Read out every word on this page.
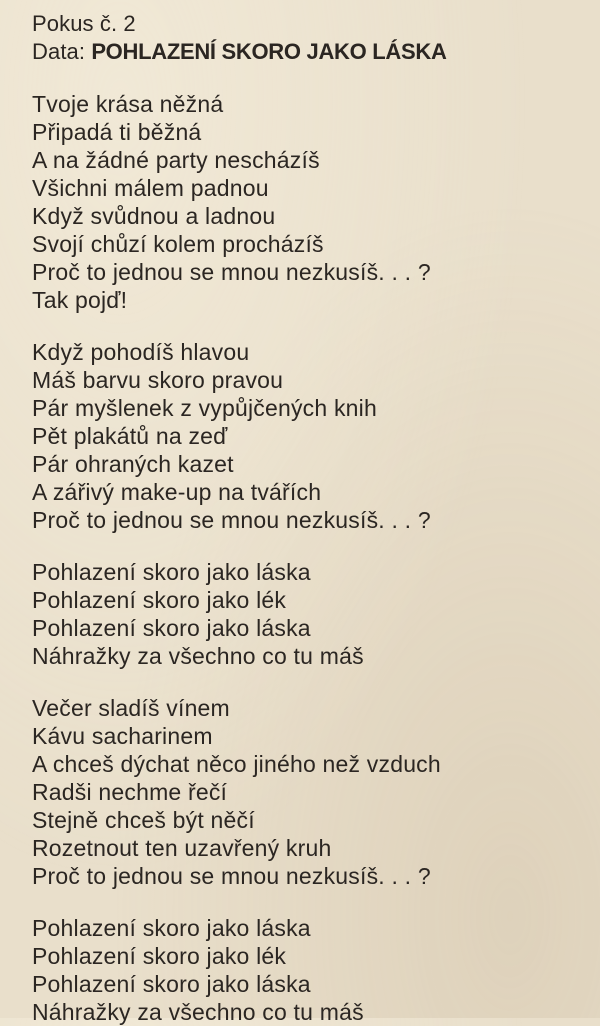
Pokus č. 2
Data: POHLAZENÍ SKORO JAKO LÁSKA
Tvoje krása něžná
Připadá ti běžná
A na žádné party nescházíš
Všichni málem padnou
Když svůdnou a ladnou
Svojí chůzí kolem procházíš
Proč to jednou se mnou nezkusíš. . . ?
Tak pojď!
Když pohodíš hlavou
Máš barvu skoro pravou
Pár myšlenek z vypůjčených knih
Pět plakátů na zeď
Pár ohraných kazet
A zářivý make-up na tvářích
Proč to jednou se mnou nezkusíš. . . ?
Pohlazení skoro jako láska
Pohlazení skoro jako lék
Pohlazení skoro jako láska
Náhražky za všechno co tu máš
Večer sladíš vínem
Kávu sacharinem
A chceš dýchat něco jiného než vzduch
Radši nechme řečí
Stejně chceš být něčí
Rozetnout ten uzavřený kruh
Proč to jednou se mnou nezkusíš. . . ?
Pohlazení skoro jako láska
Pohlazení skoro jako lék
Pohlazení skoro jako láska
Náhražky za všechno co tu máš
